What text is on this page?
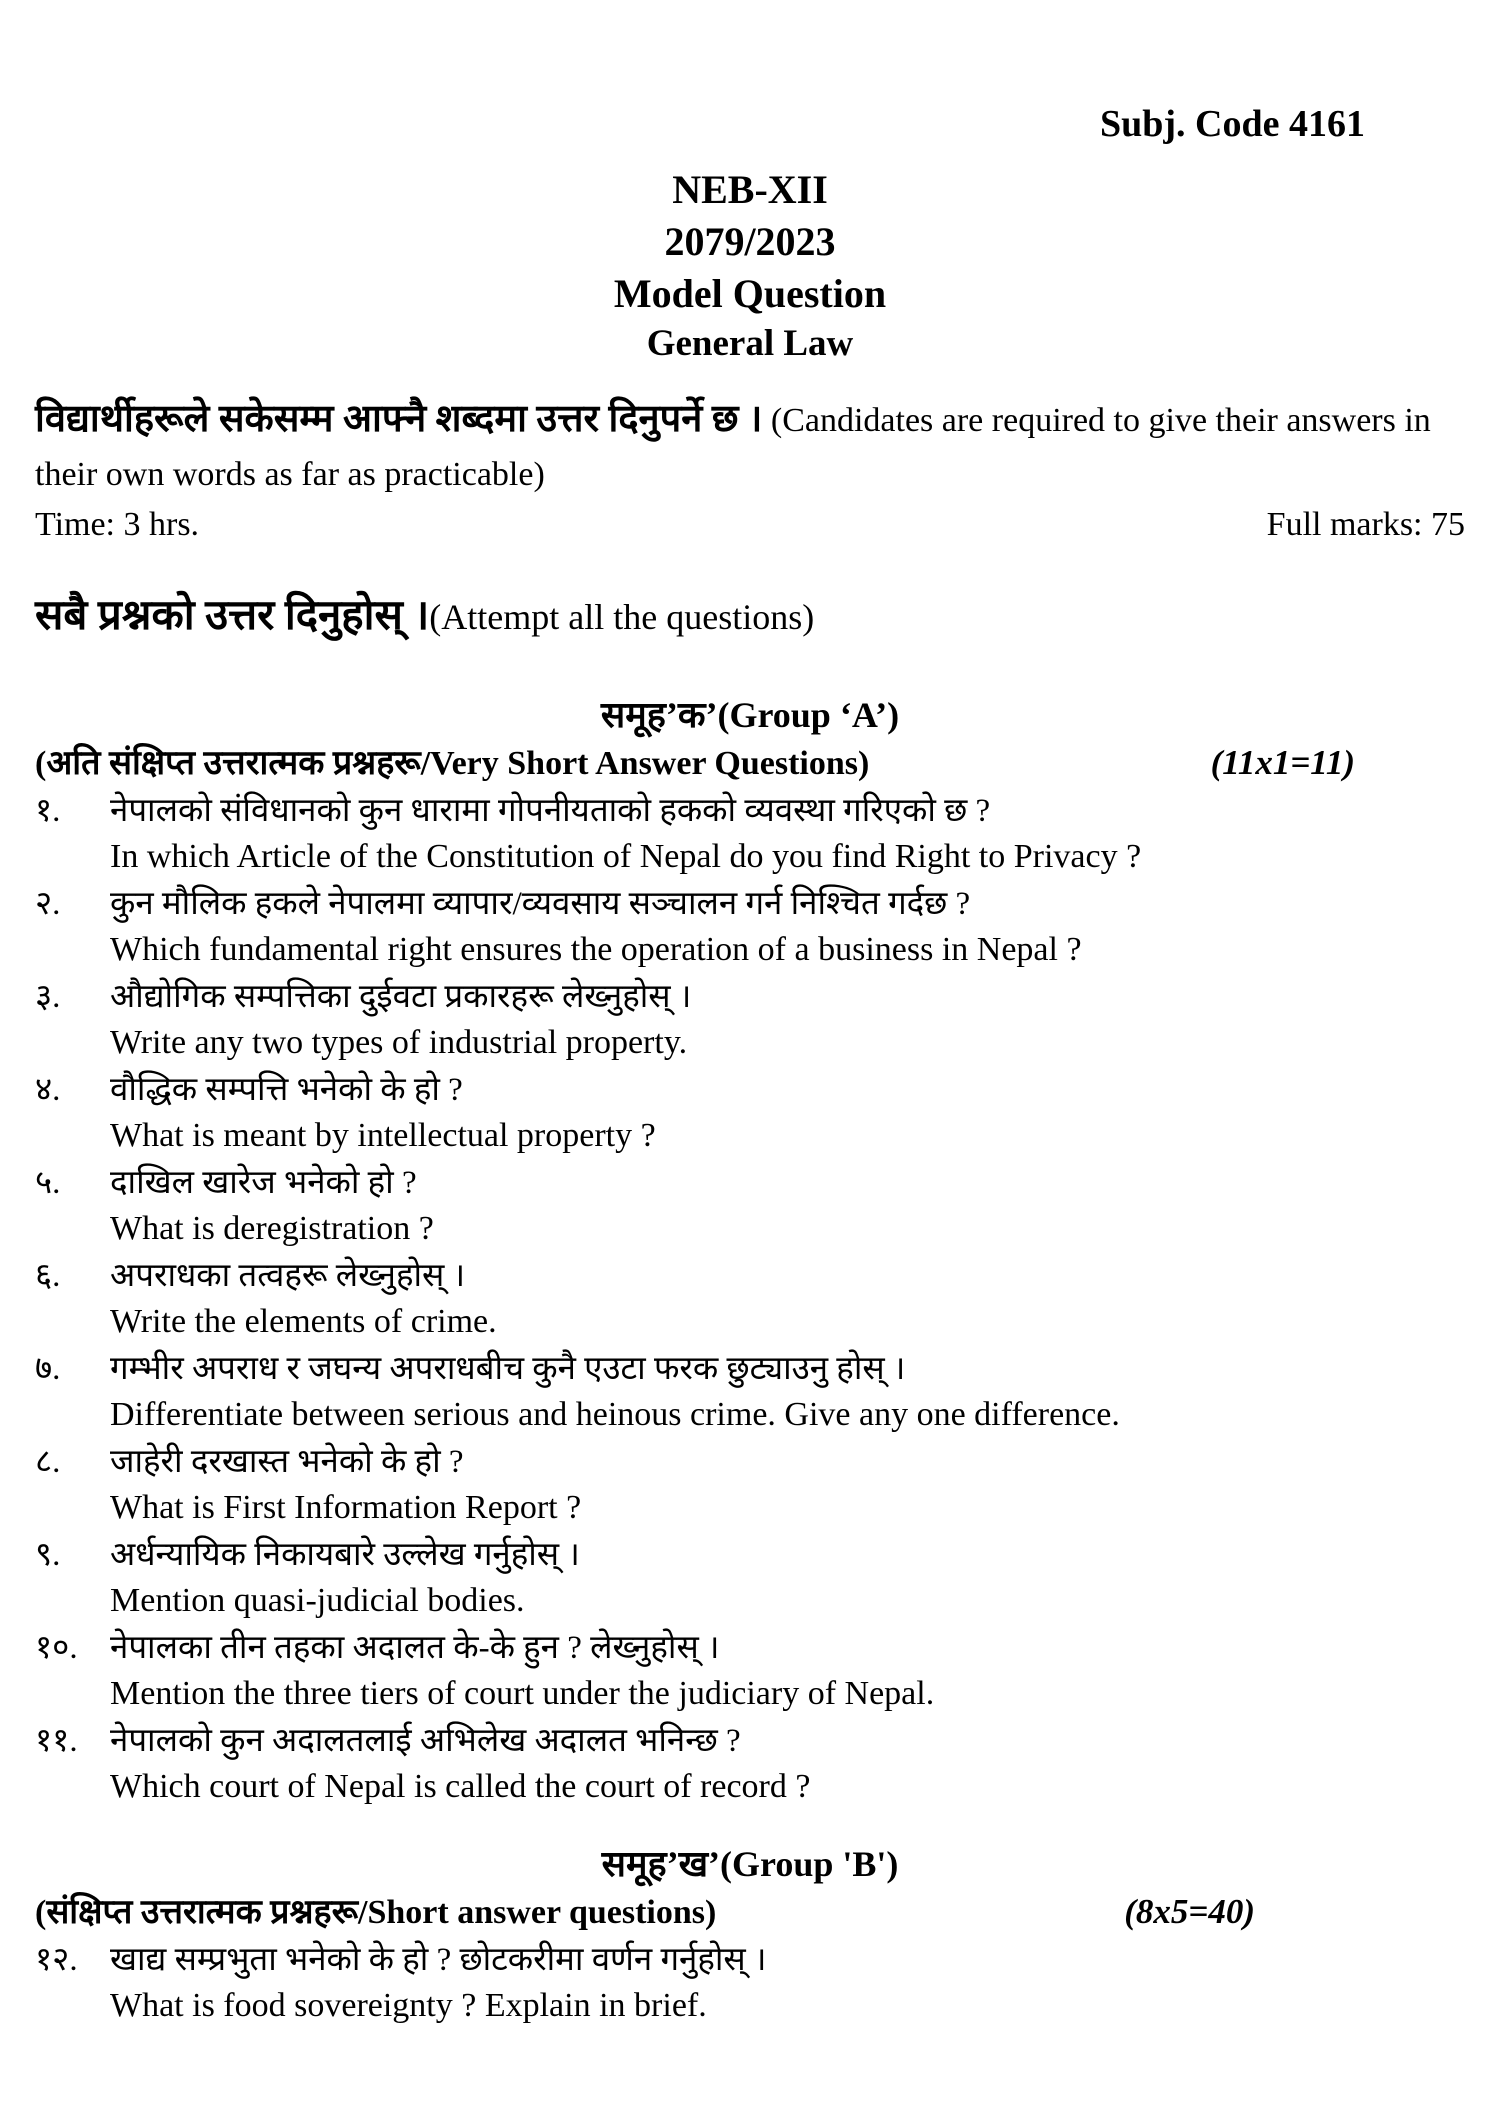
Subj. Code 4161
NEB-XII
2079/2023
Model Question
General Law

विद्यार्थीहरूले सकेसम्म आफ्नै शब्दमा उत्तर दिनुपर्ने छ । (Candidates are required to give their answers in their own words as far as practicable)

Time: 3 hrs.	Full marks: 75

सबै प्रश्नको उत्तर दिनुहोस् ।(Attempt all the questions)

समूह’क’(Group ‘A’)
(अति संक्षिप्त उत्तरात्मक प्रश्नहरू/Very Short Answer Questions)	(11x1=11)
१.	नेपालको संविधानको कुन धारामा गोपनीयताको हकको व्यवस्था गरिएको छ ?
In which Article of the Constitution of Nepal do you find Right to Privacy ?
२.	कुन मौलिक हकले नेपालमा व्यापार/व्यवसाय सञ्चालन गर्न निश्चित गर्दछ ?
Which fundamental right ensures the operation of a business in Nepal ?
३.	औद्योगिक सम्पत्तिका दुईवटा प्रकारहरू लेख्नुहोस् ।
Write any two types of industrial property.
४.	वौद्धिक सम्पत्ति भनेको के हो ?
What is meant by intellectual property ?
५.	दाखिल खारेज भनेको हो ?
What is deregistration ?
६.	अपराधका तत्वहरू लेख्नुहोस् ।
Write the elements of crime.
७.	गम्भीर अपराध र जघन्य अपराधबीच कुनै एउटा फरक छुट्याउनु होस् ।
Differentiate between serious and heinous crime. Give any one difference.
८.	जाहेरी दरखास्त भनेको के हो ?
What is First Information Report ?
९.	अर्धन्यायिक निकायबारे उल्लेख गर्नुहोस् ।
Mention quasi-judicial bodies.
१०. नेपालका तीन तहका अदालत के-के हुन ? लेख्नुहोस् ।
Mention the three tiers of court under the judiciary of Nepal.
११. नेपालको कुन अदालतलाई अभिलेख अदालत भनिन्छ ?
Which court of Nepal is called the court of record ?
समूह’ख’(Group 'B')
(संक्षिप्त उत्तरात्मक प्रश्नहरू/Short answer questions)	(8x5=40)
१२. खाद्य सम्प्रभुता भनेको के हो ? छोटकरीमा वर्णन गर्नुहोस् ।
What is food sovereignty ? Explain in brief.
